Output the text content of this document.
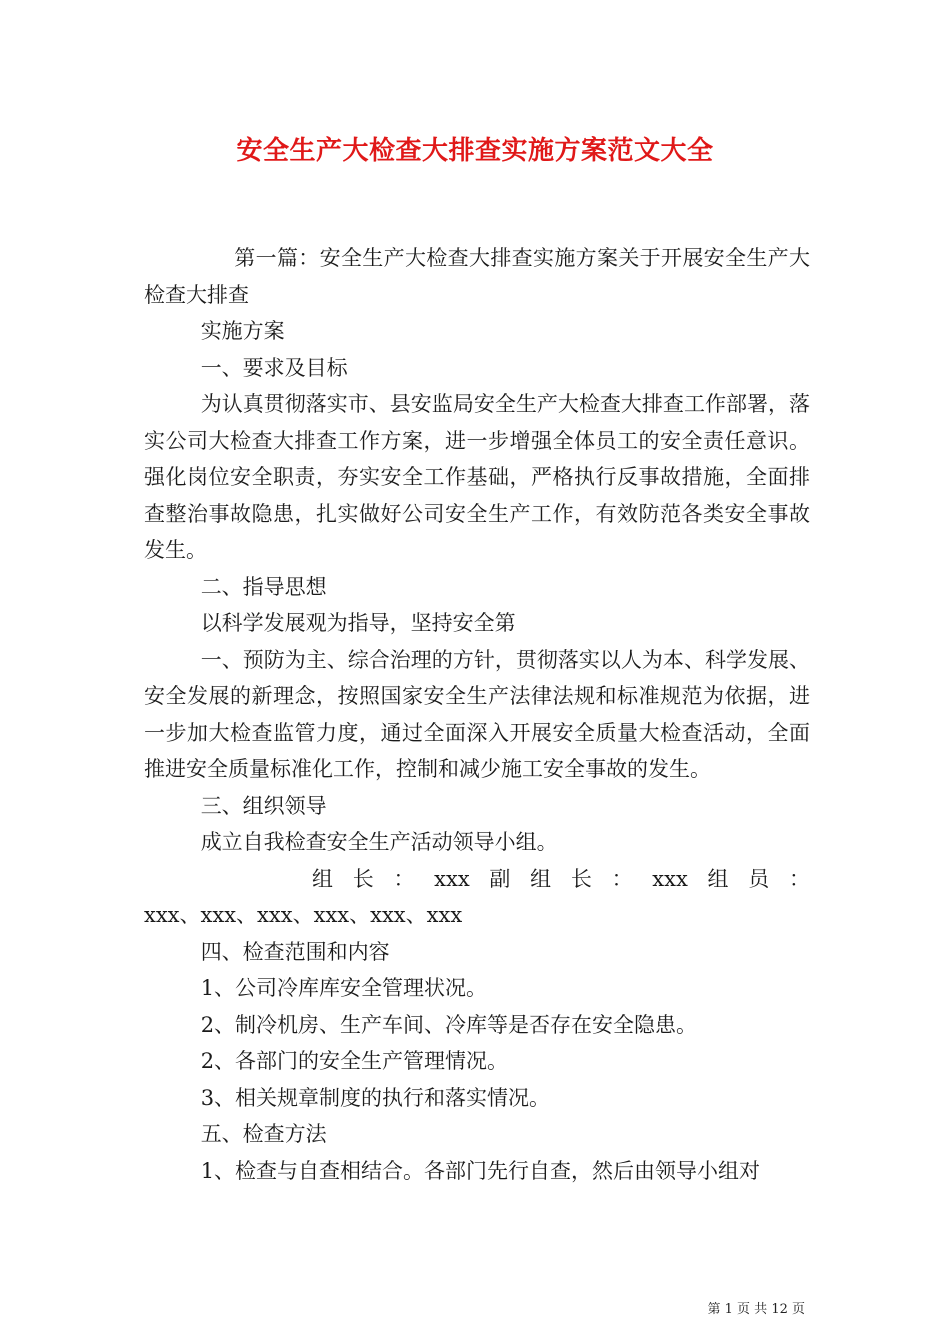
安全生产大检查大排查实施方案范文大全

第一篇：安全生产大检查大排查实施方案关于开展安全生产大检查大排查

实施方案

一、要求及目标

为认真贯彻落实市、县安监局安全生产大检查大排查工作部署，落实公司大检查大排查工作方案，进一步增强全体员工的安全责任意识。强化岗位安全职责，夯实安全工作基础，严格执行反事故措施，全面排查整治事故隐患，扎实做好公司安全生产工作，有效防范各类安全事故发生。

二、指导思想

以科学发展观为指导，坚持安全第

一、预防为主、综合治理的方针，贯彻落实以人为本、科学发展、安全发展的新理念，按照国家安全生产法律法规和标准规范为依据，进一步加大检查监管力度，通过全面深入开展安全质量大检查活动，全面推进安全质量标准化工作，控制和减少施工安全事故的发生。

三、组织领导

成立自我检查安全生产活动领导小组。

组 长 ： xxx 副 组 长 ： xxx 组 员 ：

xxx、xxx、xxx、xxx、xxx、xxx

四、检查范围和内容

1、公司冷库库安全管理状况。

2、制冷机房、生产车间、冷库等是否存在安全隐患。

2、各部门的安全生产管理情况。

3、相关规章制度的执行和落实情况。

五、检查方法

1、检查与自查相结合。各部门先行自查，然后由领导小组对

第 1 页 共 12 页
